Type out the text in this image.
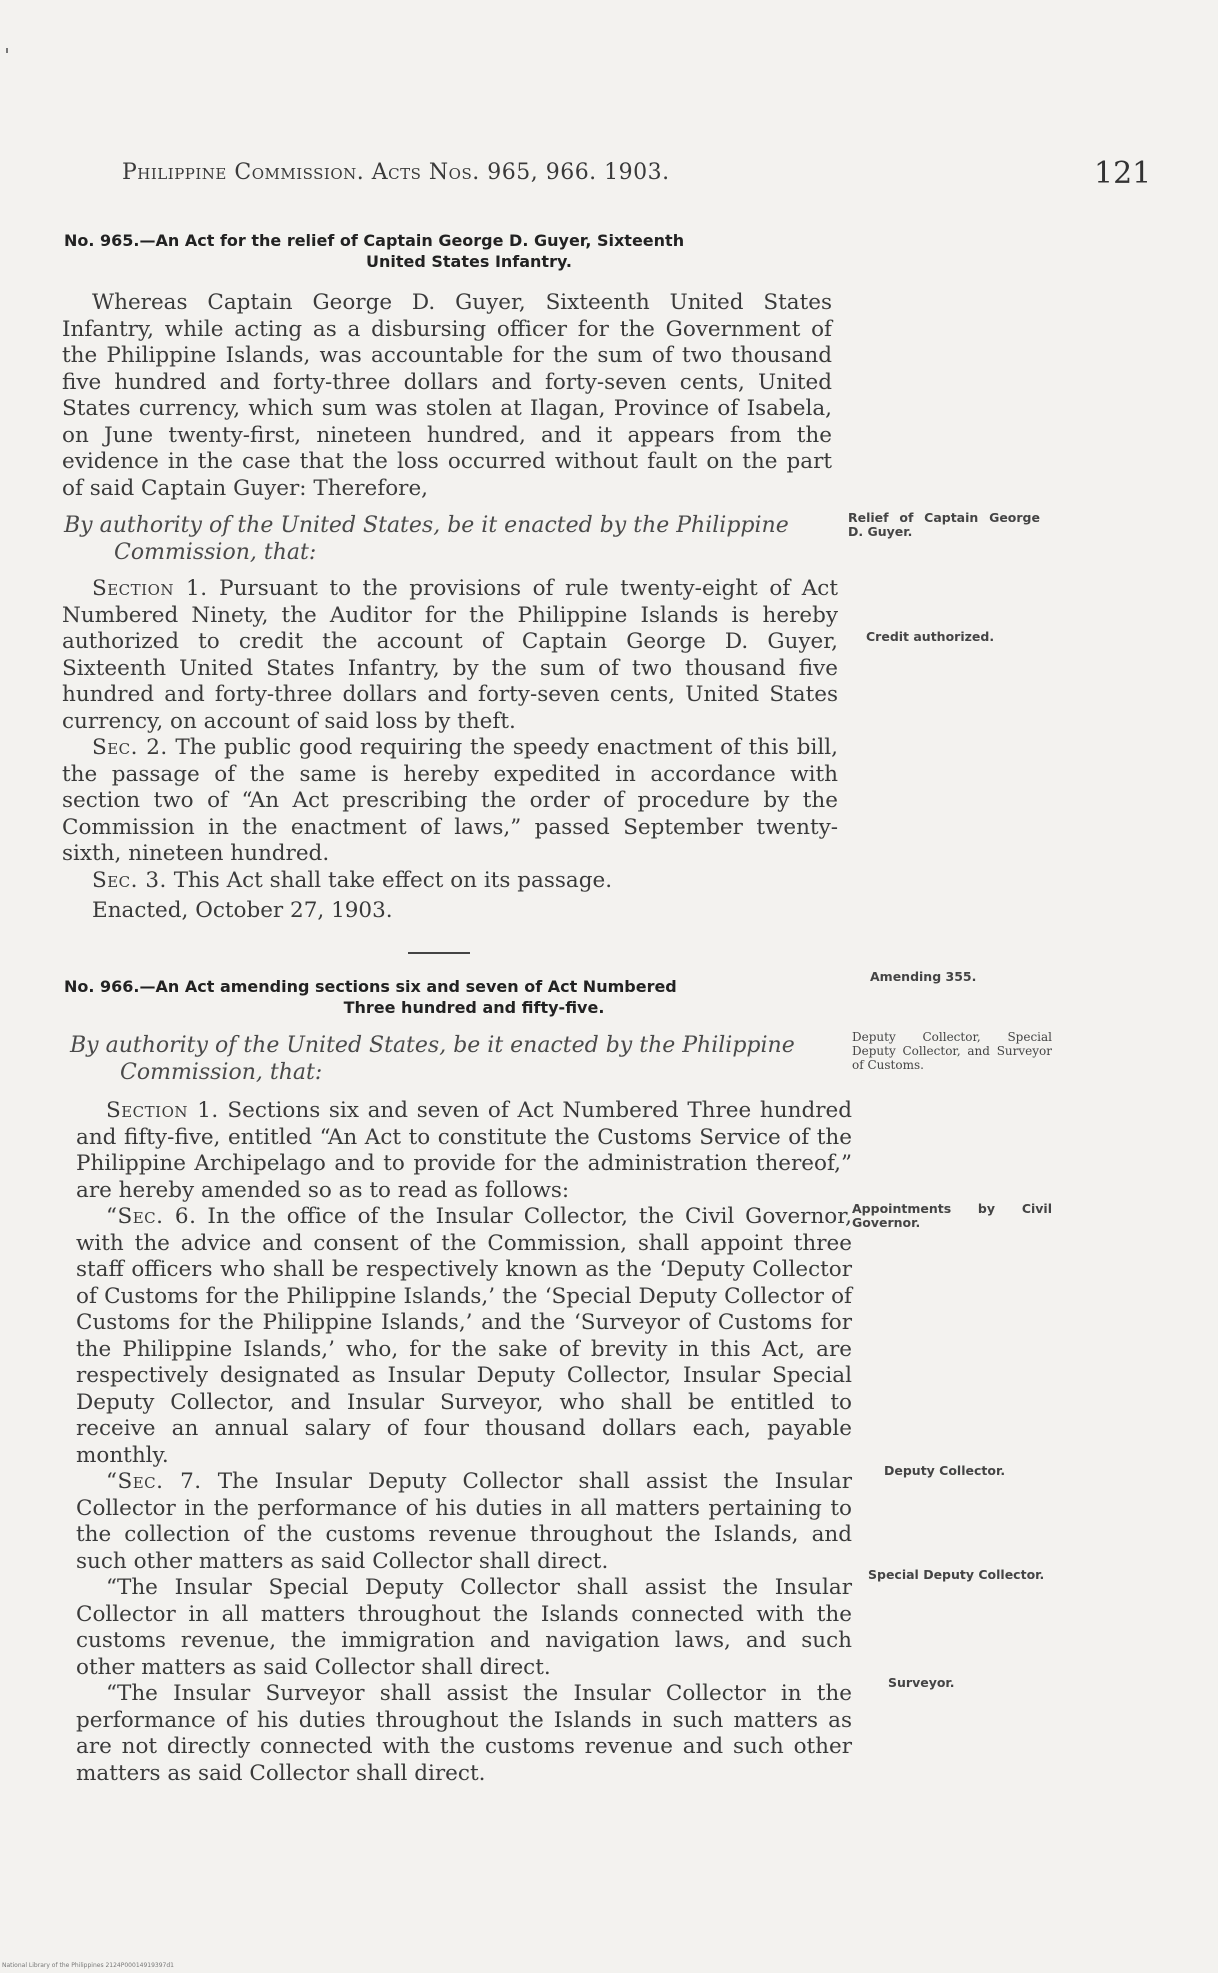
Philippine Commission. Acts Nos. 965, 966. 1903.	121
No. 965.—An Act for the relief of Captain George D. Guyer, Sixteenth
United States Infantry.

Whereas Captain George D. Guyer, Sixteenth United States Infantry, while acting as a disbursing officer for the Government of the Philippine Islands, was accountable for the sum of two thousand five hundred and forty-three dollars and forty-seven cents, United States currency, which sum was stolen at Ilagan, Province of Isabela, on June twenty-first, nineteen hundred, and it appears from the evidence in the case that the loss occurred without fault on the part of said Captain Guyer: Therefore,

By authority of the United States, be it enacted by the Philippine
Commission, that:

Section 1. Pursuant to the provisions of rule twenty-eight of Act Numbered Ninety, the Auditor for the Philippine Islands is hereby authorized to credit the account of Captain George D. Guyer, Sixteenth United States Infantry, by the sum of two thousand five hundred and forty-three dollars and forty-seven cents, United States currency, on account of said loss by theft.

Sec. 2. The public good requiring the speedy enactment of this bill, the passage of the same is hereby expedited in accordance with section two of “An Act prescribing the order of procedure by the Commission in the enactment of laws,” passed September twenty-sixth, nineteen hundred.

Sec. 3. This Act shall take effect on its passage.

Enacted, October 27, 1903.

No. 966.—An Act amending sections six and seven of Act Numbered
Three hundred and fifty-five.

By authority of the United States, be it enacted by the Philippine
Commission, that:

Section 1. Sections six and seven of Act Numbered Three hundred and fifty-five, entitled “An Act to constitute the Customs Service of the Philippine Archipelago and to provide for the administration thereof,” are hereby amended so as to read as follows:

“Sec. 6. In the office of the Insular Collector, the Civil Governor, with the advice and consent of the Commission, shall appoint three staff officers who shall be respectively known as the ‘Deputy Collector of Customs for the Philippine Islands,’ the ‘Special Deputy Collector of Customs for the Philippine Islands,’ and the ‘Surveyor of Customs for the Philippine Islands,’ who, for the sake of brevity in this Act, are respectively designated as Insular Deputy Collector, Insular Special Deputy Collector, and Insular Surveyor, who shall be entitled to receive an annual salary of four thousand dollars each, payable monthly.

“Sec. 7. The Insular Deputy Collector shall assist the Insular Collector in the performance of his duties in all matters pertaining to the collection of the customs revenue throughout the Islands, and such other matters as said Collector shall direct.

“The Insular Special Deputy Collector shall assist the Insular Collector in all matters throughout the Islands connected with the customs revenue, the immigration and navigation laws, and such other matters as said Collector shall direct.

“The Insular Surveyor shall assist the Insular Collector in the performance of his duties throughout the Islands in such matters as are not directly connected with the customs revenue and such other matters as said Collector shall direct.

Relief of Captain George D. Guyer.
Credit authorized.
Amending 355.
Deputy Collector, Special Deputy Collector, and Surveyor of Customs.
Appointments by Civil Governor.
Deputy Collector.
Special Deputy Collector.
Surveyor.
National Library of the Philippines 2124P00014919397d1
